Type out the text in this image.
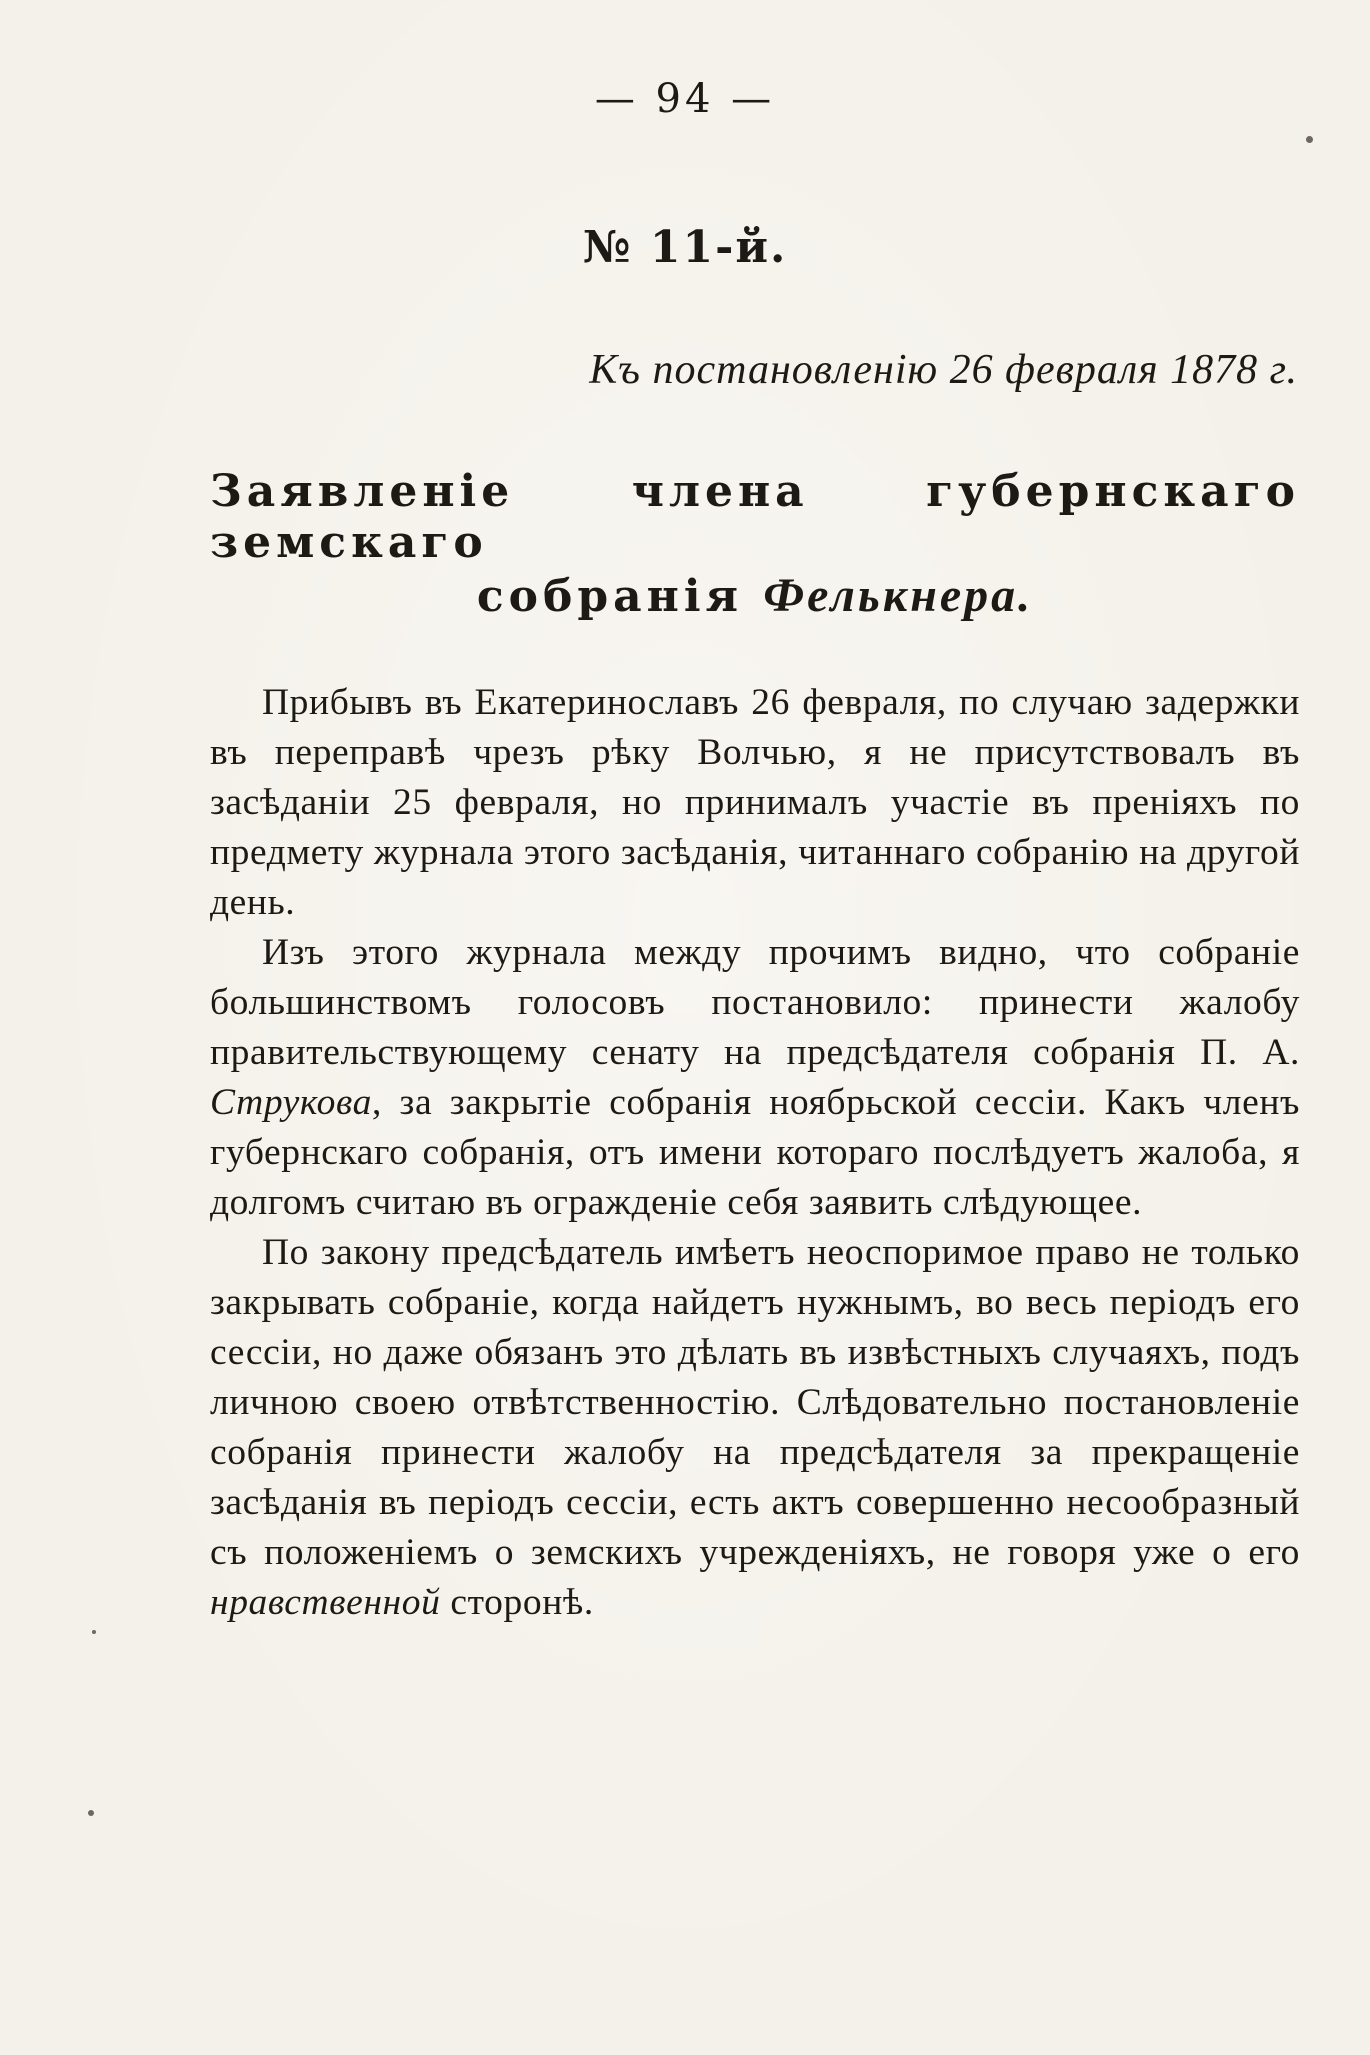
— 94 —
№ 11-й.
Къ постановленію 26 февраля 1878 г.
Заявленіе члена губернскаго земскаго
собранія Фелькнера.

Прибывъ въ Екатеринославъ 26 февраля, по случаю задержки въ переправѣ чрезъ рѣку Волчью, я не присутствовалъ въ засѣданіи 25 февраля, но принималъ участіе въ преніяхъ по предмету журнала этого засѣданія, читаннаго собранію на другой день.

Изъ этого журнала между прочимъ видно, что собраніе большинствомъ голосовъ постановило: принести жалобу правительствующему сенату на предсѣдателя собранія П. А. Струкова, за закрытіе собранія ноябрьской сессіи. Какъ членъ губернскаго собранія, отъ имени котораго послѣдуетъ жалоба, я долгомъ считаю въ огражденіе себя заявить слѣдующее.

По закону предсѣдатель имѣетъ неоспоримое право не только закрывать собраніе, когда найдетъ нужнымъ, во весь періодъ его сессіи, но даже обязанъ это дѣлать въ извѣстныхъ случаяхъ, подъ личною своею отвѣтственностію. Слѣдовательно постановленіе собранія принести жалобу на предсѣдателя за прекращеніе засѣданія въ періодъ сессіи, есть актъ совершенно несообразный съ положеніемъ о земскихъ учрежденіяхъ, не говоря уже о его нравственной сторонѣ.
